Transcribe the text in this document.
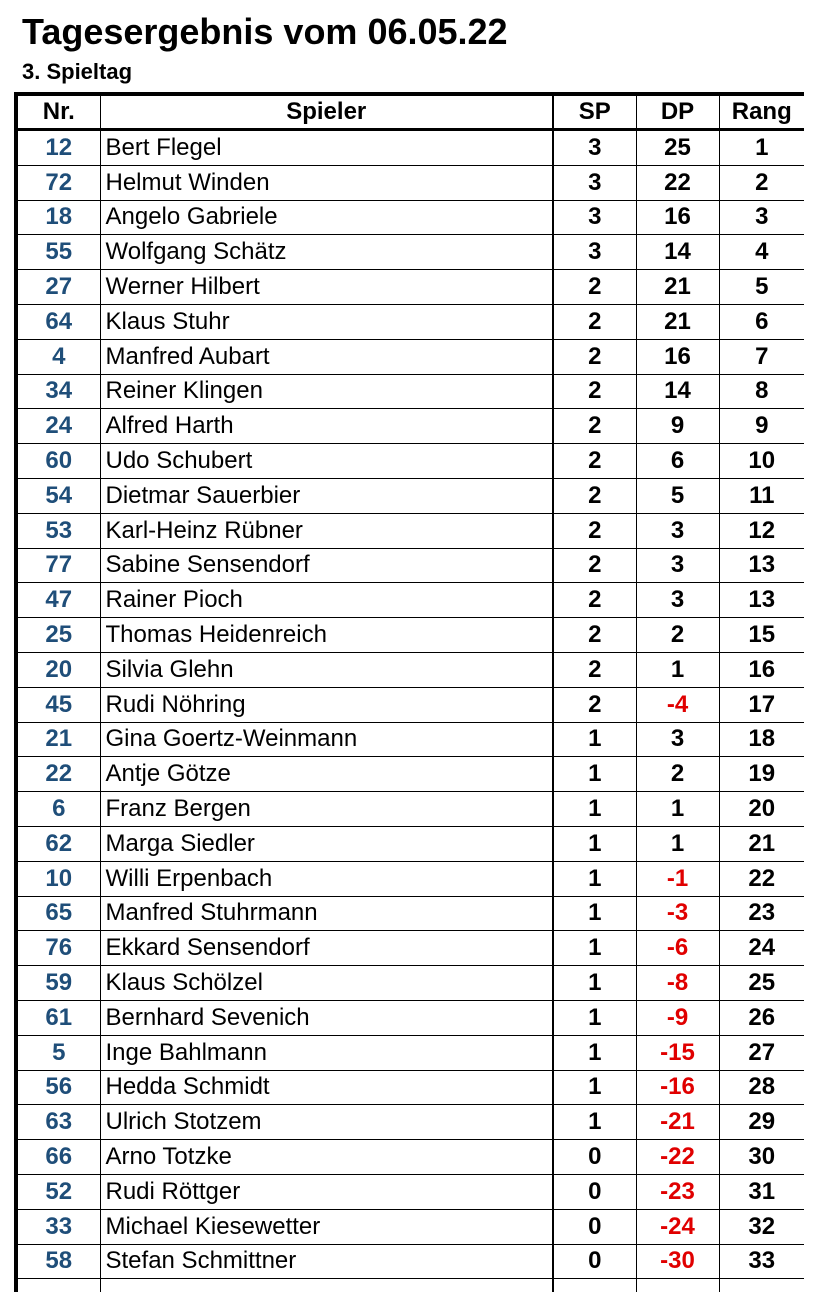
Tagesergebnis vom 06.05.22
3. Spieltag
Nr.	Spieler	SP	DP	Rang
12	Bert Flegel	3	25	1
72	Helmut Winden	3	22	2
18	Angelo Gabriele	3	16	3
55	Wolfgang Schätz	3	14	4
27	Werner Hilbert	2	21	5
64	Klaus Stuhr	2	21	6
4	Manfred Aubart	2	16	7
34	Reiner Klingen	2	14	8
24	Alfred Harth	2	9	9
60	Udo Schubert	2	6	10
54	Dietmar Sauerbier	2	5	11
53	Karl-Heinz Rübner	2	3	12
77	Sabine Sensendorf	2	3	13
47	Rainer Pioch	2	3	13
25	Thomas Heidenreich	2	2	15
20	Silvia Glehn	2	1	16
45	Rudi Nöhring	2	-4	17
21	Gina Goertz-Weinmann	1	3	18
22	Antje Götze	1	2	19
6	Franz Bergen	1	1	20
62	Marga Siedler	1	1	21
10	Willi Erpenbach	1	-1	22
65	Manfred Stuhrmann	1	-3	23
76	Ekkard Sensendorf	1	-6	24
59	Klaus Schölzel	1	-8	25
61	Bernhard Sevenich	1	-9	26
5	Inge Bahlmann	1	-15	27
56	Hedda Schmidt	1	-16	28
63	Ulrich Stotzem	1	-21	29
66	Arno Totzke	0	-22	30
52	Rudi Röttger	0	-23	31
33	Michael Kiesewetter	0	-24	32
58	Stefan Schmittner	0	-30	33
